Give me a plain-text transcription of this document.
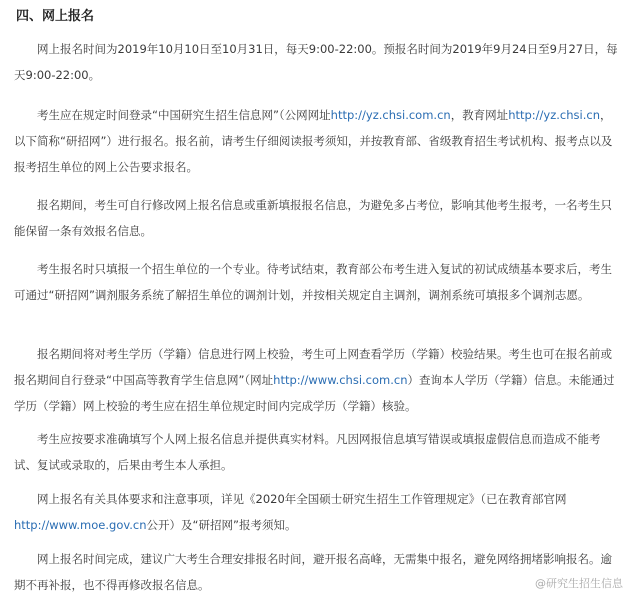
四、网上报名

网上报名时间为2019年10月10日至10月31日，每天9:00-22:00。预报名时间为2019年9月24日至9月27日，每天9:00-22:00。

考生应在规定时间登录“中国研究生招生信息网”（公网网址http://yz.chsi.com.cn，教育网址http://yz.chsi.cn，以下简称“研招网”）进行报名。报名前，请考生仔细阅读报考须知，并按教育部、省级教育招生考试机构、报考点以及报考招生单位的网上公告要求报名。

报名期间，考生可自行修改网上报名信息或重新填报报名信息，为避免多占考位，影响其他考生报考，一名考生只能保留一条有效报名信息。

考生报名时只填报一个招生单位的一个专业。待考试结束，教育部公布考生进入复试的初试成绩基本要求后，考生可通过“研招网”调剂服务系统了解招生单位的调剂计划，并按相关规定自主调剂，调剂系统可填报多个调剂志愿。

报名期间将对考生学历（学籍）信息进行网上校验，考生可上网查看学历（学籍）校验结果。考生也可在报名前或报名期间自行登录“中国高等教育学生信息网”（网址http://www.chsi.com.cn）查询本人学历（学籍）信息。未能通过学历（学籍）网上校验的考生应在招生单位规定时间内完成学历（学籍）核验。

考生应按要求准确填写个人网上报名信息并提供真实材料。凡因网报信息填写错误或填报虚假信息而造成不能考试、复试或录取的，后果由考生本人承担。

网上报名有关具体要求和注意事项，详见《2020年全国硕士研究生招生工作管理规定》（已在教育部官网http://www.moe.gov.cn公开）及“研招网”报考须知。

网上报名时间完成，建议广大考生合理安排报名时间，避开报名高峰，无需集中报名，避免网络拥堵影响报名。逾期不再补报，也不得再修改报名信息。	@研究生招生信息
